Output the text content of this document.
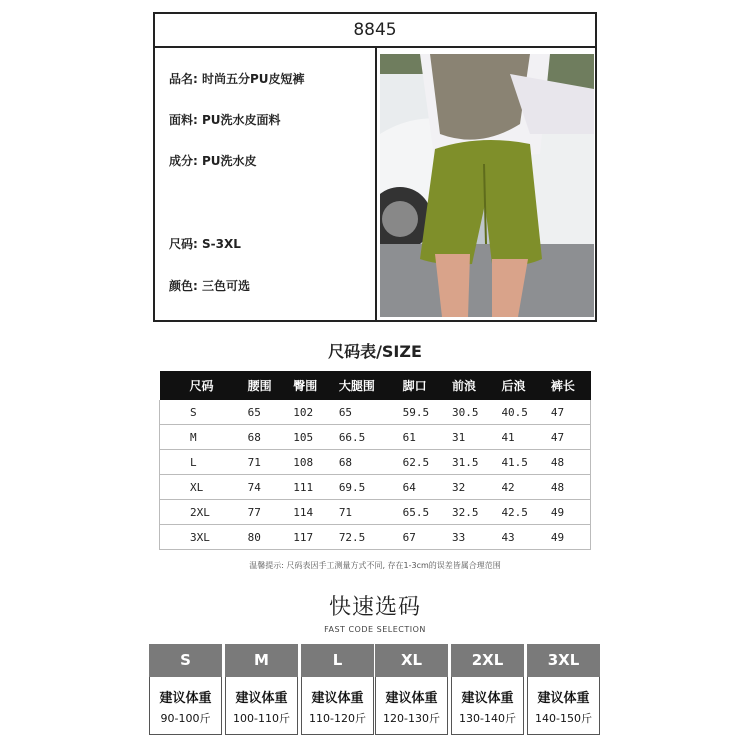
8845
品名: 时尚五分PU皮短裤
面料: PU洗水皮面料
成分: PU洗水皮
尺码: S-3XL
颜色: 三色可选
尺码表/SIZE
尺码	腰围	臀围	大腿围	脚口	前浪	后浪	裤长
S	65	102	65	59.5	30.5	40.5	47
M	68	105	66.5	61	31	41	47
L	71	108	68	62.5	31.5	41.5	48
XL	74	111	69.5	64	32	42	48
2XL	77	114	71	65.5	32.5	42.5	49
3XL	80	117	72.5	67	33	43	49
温馨提示: 尺码表因手工测量方式不同, 存在1-3cm的误差皆属合理范围
快速选码
FAST CODE SELECTION
S
建议体重
90-100斤
M
建议体重
100-110斤
L
建议体重
110-120斤
XL
建议体重
120-130斤
2XL
建议体重
130-140斤
3XL
建议体重
140-150斤
